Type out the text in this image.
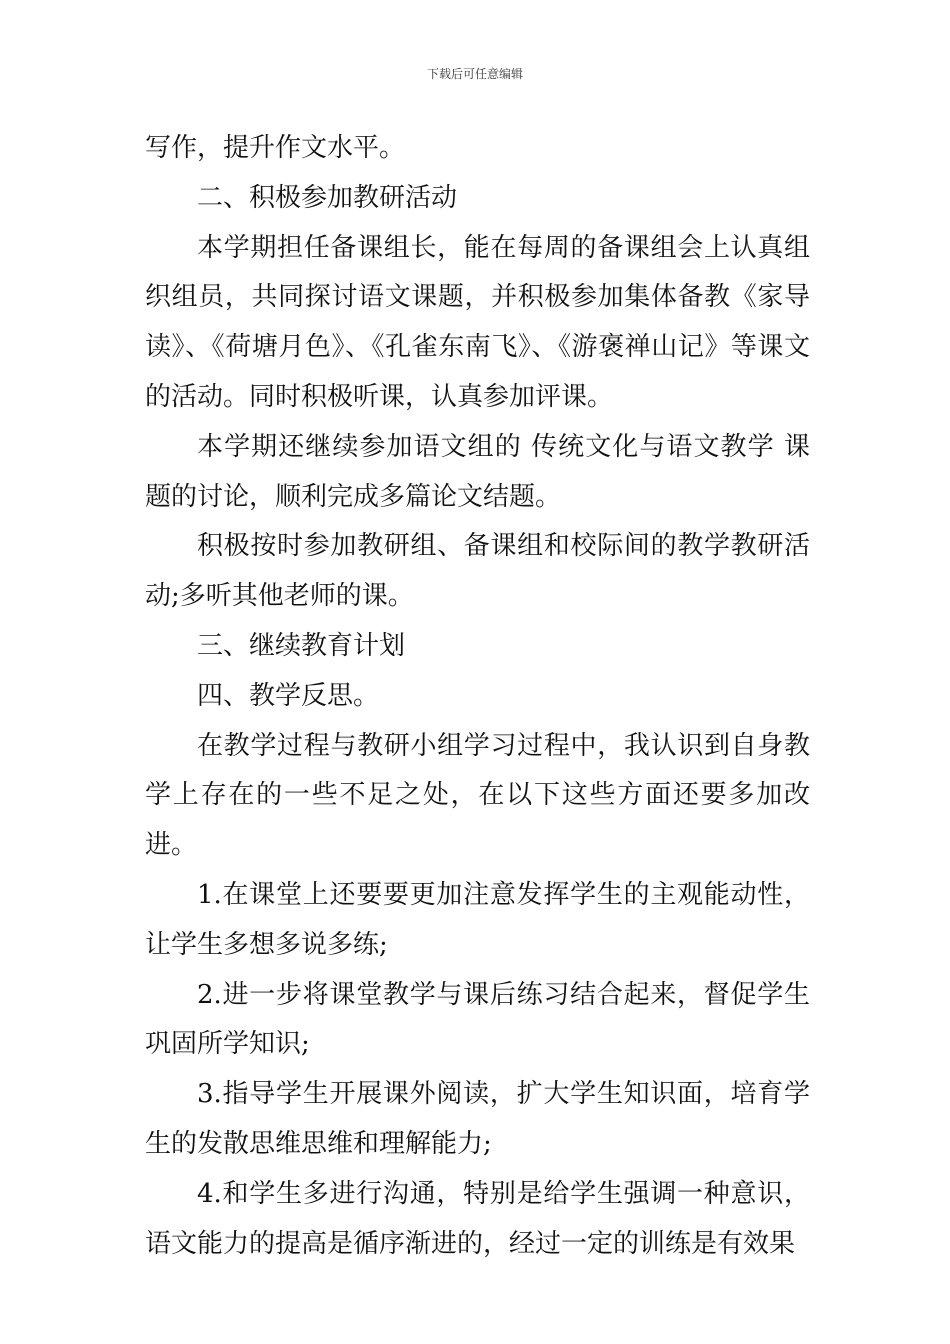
下载后可任意编辑

写作，提升作文水平。

二、积极参加教研活动

本学期担任备课组长，能在每周的备课组会上认真组织组员，共同探讨语文课题，并积极参加集体备教《家导读》、《荷塘月色》、《孔雀东南飞》、《游褒禅山记》等课文的活动。同时积极听课，认真参加评课。

本学期还继续参加语文组的 传统文化与语文教学 课题的讨论，顺利完成多篇论文结题。

积极按时参加教研组、备课组和校际间的教学教研活动;多听其他老师的课。

三、继续教育计划

四、教学反思。

在教学过程与教研小组学习过程中，我认识到自身教学上存在的一些不足之处，在以下这些方面还要多加改进。

1.在课堂上还要要更加注意发挥学生的主观能动性，让学生多想多说多练;

2.进一步将课堂教学与课后练习结合起来，督促学生巩固所学知识;

3.指导学生开展课外阅读，扩大学生知识面，培育学生的发散思维思维和理解能力;

4.和学生多进行沟通，特别是给学生强调一种意识，语文能力的提高是循序渐进的，经过一定的训练是有效果
